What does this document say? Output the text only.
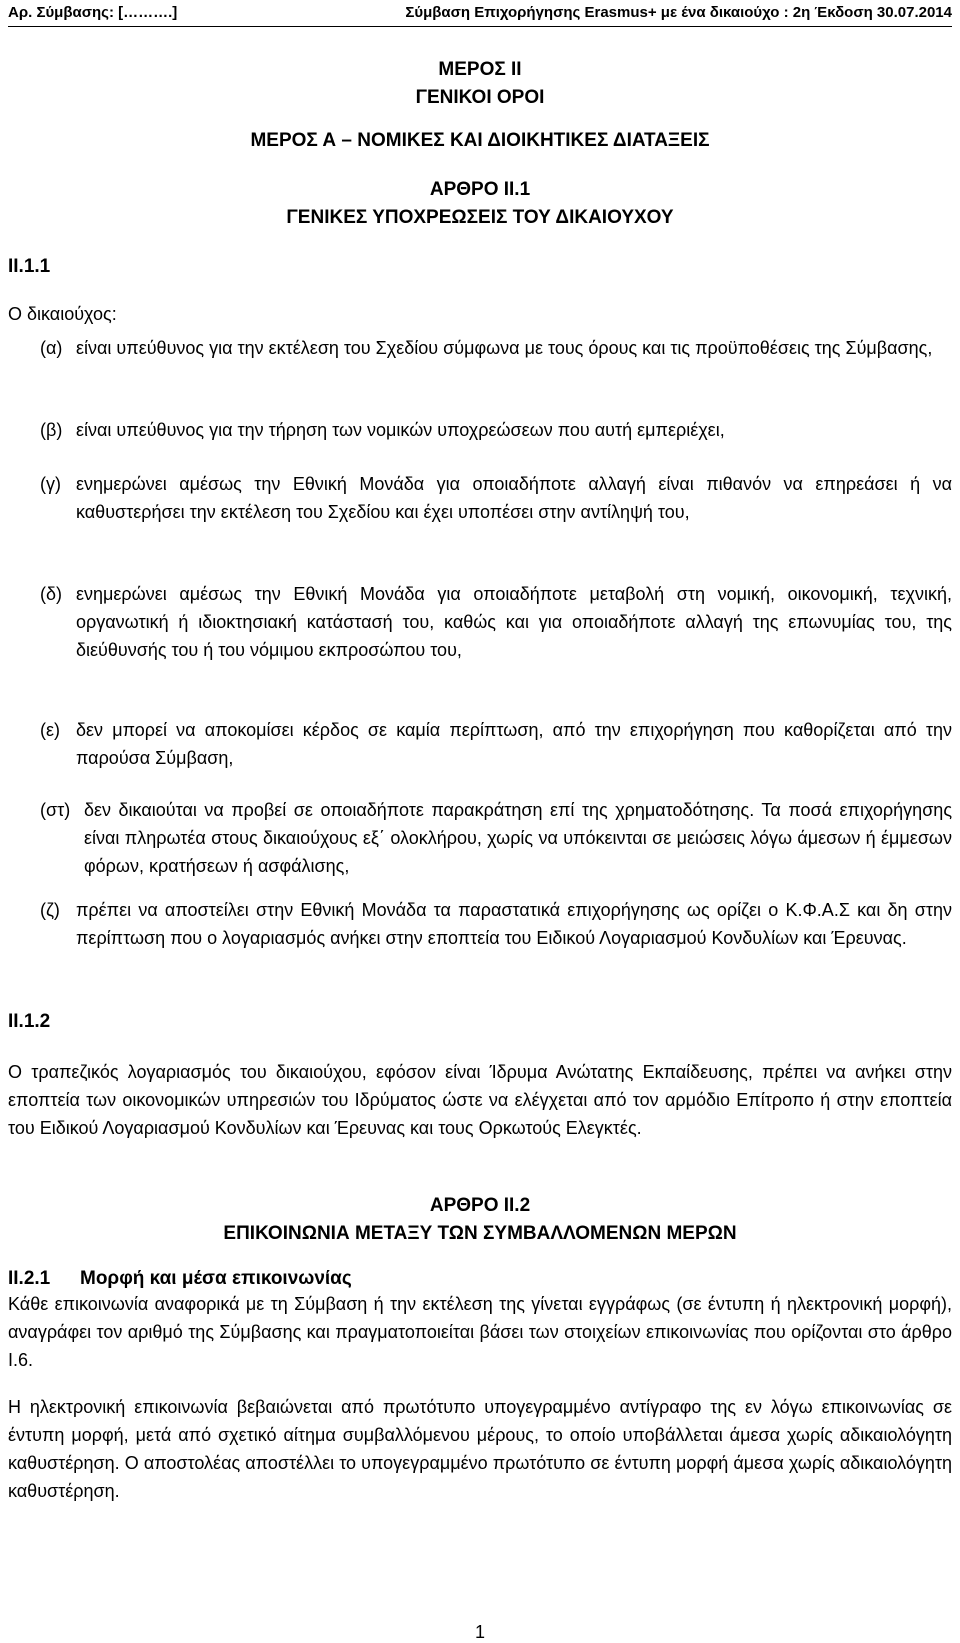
Αρ. Σύμβασης: [……….]	Σύμβαση Επιχορήγησης Erasmus+ με ένα δικαιούχο : 2η Έκδοση 30.07.2014
ΜΕΡΟΣ II
ΓΕΝΙΚΟΙ ΟΡΟΙ
ΜΕΡΟΣ Α – ΝΟΜΙΚΕΣ ΚΑΙ ΔΙΟΙΚΗΤΙΚΕΣ ΔΙΑΤΑΞΕΙΣ
ΑΡΘΡΟ II.1
ΓΕΝΙΚΕΣ ΥΠΟΧΡΕΩΣΕΙΣ ΤΟΥ ΔΙΚΑΙΟΥΧΟΥ
II.1.1
Ο δικαιούχος:
(α) είναι υπεύθυνος για την εκτέλεση του Σχεδίου σύμφωνα με τους όρους και τις προϋποθέσεις της Σύμβασης,
(β) είναι υπεύθυνος για την τήρηση των νομικών υποχρεώσεων που αυτή εμπεριέχει,
(γ) ενημερώνει αμέσως την Εθνική Μονάδα για οποιαδήποτε αλλαγή είναι πιθανόν να επηρεάσει ή να καθυστερήσει την εκτέλεση του Σχεδίου και έχει υποπέσει στην αντίληψή του,
(δ) ενημερώνει αμέσως την Εθνική Μονάδα για οποιαδήποτε μεταβολή στη νομική, οικονομική, τεχνική, οργανωτική ή ιδιοκτησιακή κατάστασή του, καθώς και για οποιαδήποτε αλλαγή της επωνυμίας του, της διεύθυνσής του ή του νόμιμου εκπροσώπου του,
(ε) δεν μπορεί να αποκομίσει κέρδος σε καμία περίπτωση, από την επιχορήγηση που καθορίζεται από την παρούσα Σύμβαση,
(στ) δεν δικαιούται να προβεί σε οποιαδήποτε παρακράτηση επί της χρηματοδότησης. Τα ποσά επιχορήγησης είναι πληρωτέα στους δικαιούχους εξ΄ ολοκλήρου, χωρίς να υπόκεινται σε μειώσεις λόγω άμεσων ή έμμεσων φόρων, κρατήσεων ή ασφάλισης,
(ζ) πρέπει να αποστείλει στην Εθνική Μονάδα τα παραστατικά επιχορήγησης ως ορίζει ο Κ.Φ.Α.Σ και δη στην περίπτωση που ο λογαριασμός ανήκει στην εποπτεία του Ειδικού Λογαριασμού Κονδυλίων και Έρευνας.
II.1.2
Ο τραπεζικός λογαριασμός του δικαιούχου, εφόσον είναι Ίδρυμα Ανώτατης Εκπαίδευσης, πρέπει να ανήκει στην εποπτεία των οικονομικών υπηρεσιών του Ιδρύματος ώστε να ελέγχεται από τον αρμόδιο Επίτροπο ή στην εποπτεία του Ειδικού Λογαριασμού Κονδυλίων και Έρευνας και τους Ορκωτούς Ελεγκτές.
ΑΡΘΡΟ II.2
ΕΠΙΚΟΙΝΩΝΙΑ ΜΕΤΑΞΥ ΤΩΝ ΣΥΜΒΑΛΛΟΜΕΝΩΝ ΜΕΡΩΝ
II.2.1 Μορφή και μέσα επικοινωνίας
Κάθε επικοινωνία αναφορικά με τη Σύμβαση ή την εκτέλεση της γίνεται εγγράφως (σε έντυπη ή ηλεκτρονική μορφή), αναγράφει τον αριθμό της Σύμβασης και πραγματοποιείται βάσει των στοιχείων επικοινωνίας που ορίζονται στο άρθρο I.6.
Η ηλεκτρονική επικοινωνία βεβαιώνεται από πρωτότυπο υπογεγραμμένο αντίγραφο της εν λόγω επικοινωνίας σε έντυπη μορφή, μετά από σχετικό αίτημα συμβαλλόμενου μέρους, το οποίο υποβάλλεται άμεσα χωρίς αδικαιολόγητη καθυστέρηση. Ο αποστολέας αποστέλλει το υπογεγραμμένο πρωτότυπο σε έντυπη μορφή άμεσα χωρίς αδικαιολόγητη καθυστέρηση.
1
